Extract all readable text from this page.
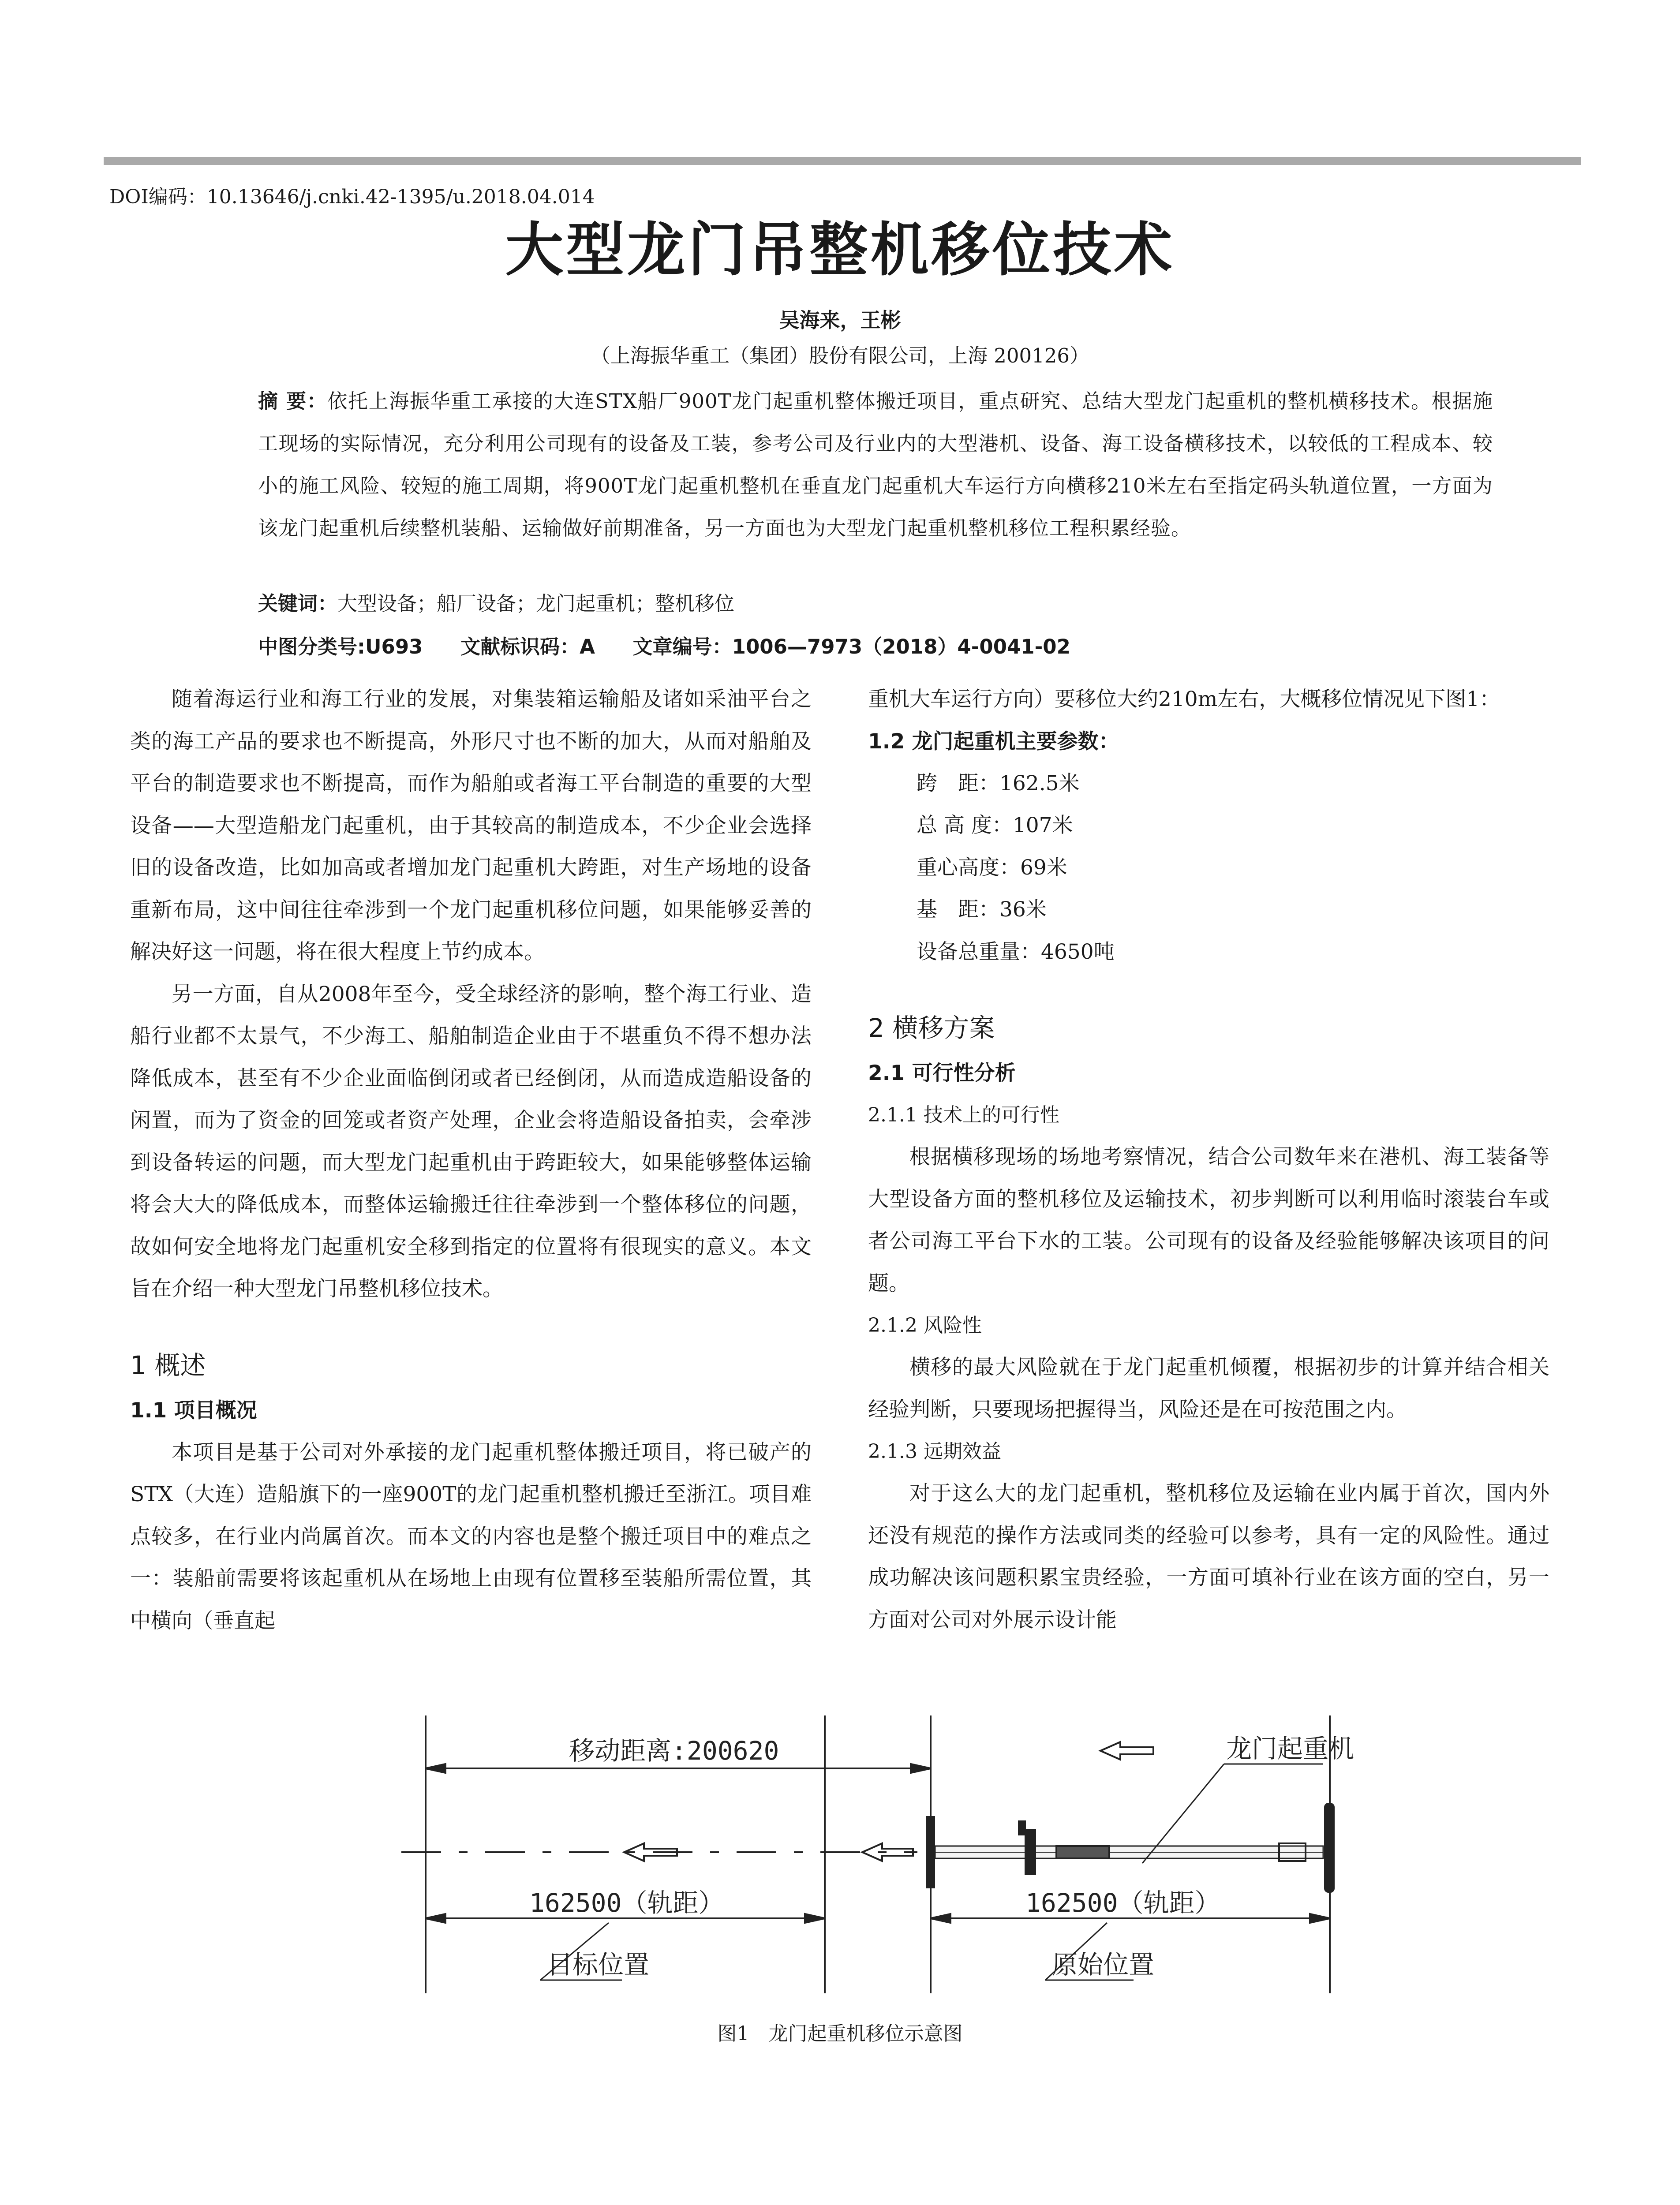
DOI编码：10.13646/j.cnki.42-1395/u.2018.04.014
大型龙门吊整机移位技术
吴海来，王彬
（上海振华重工（集团）股份有限公司，上海 200126）
摘 要：依托上海振华重工承接的大连STX船厂900T龙门起重机整体搬迁项目，重点研究、总结大型龙门起重机的整机横移技术。根据施工现场的实际情况，充分利用公司现有的设备及工装，参考公司及行业内的大型港机、设备、海工设备横移技术，以较低的工程成本、较小的施工风险、较短的施工周期，将900T龙门起重机整机在垂直龙门起重机大车运行方向横移210米左右至指定码头轨道位置，一方面为该龙门起重机后续整机装船、运输做好前期准备，另一方面也为大型龙门起重机整机移位工程积累经验。
关键词：大型设备；船厂设备；龙门起重机；整机移位
中图分类号:U693 文献标识码：A 文章编号：1006—7973（2018）4-0041-02

随着海运行业和海工行业的发展，对集装箱运输船及诸如采油平台之类的海工产品的要求也不断提高，外形尺寸也不断的加大，从而对船舶及平台的制造要求也不断提高，而作为船舶或者海工平台制造的重要的大型设备——大型造船龙门起重机，由于其较高的制造成本，不少企业会选择旧的设备改造，比如加高或者增加龙门起重机大跨距，对生产场地的设备重新布局，这中间往往牵涉到一个龙门起重机移位问题，如果能够妥善的解决好这一问题，将在很大程度上节约成本。

另一方面，自从2008年至今，受全球经济的影响，整个海工行业、造船行业都不太景气，不少海工、船舶制造企业由于不堪重负不得不想办法降低成本，甚至有不少企业面临倒闭或者已经倒闭，从而造成造船设备的闲置，而为了资金的回笼或者资产处理，企业会将造船设备拍卖，会牵涉到设备转运的问题，而大型龙门起重机由于跨距较大，如果能够整体运输将会大大的降低成本，而整体运输搬迁往往牵涉到一个整体移位的问题，故如何安全地将龙门起重机安全移到指定的位置将有很现实的意义。本文旨在介绍一种大型龙门吊整机移位技术。

1 概述
1.1 项目概况

本项目是基于公司对外承接的龙门起重机整体搬迁项目，将已破产的STX（大连）造船旗下的一座900T的龙门起重机整机搬迁至浙江。项目难点较多，在行业内尚属首次。而本文的内容也是整个搬迁项目中的难点之一：装船前需要将该起重机从在场地上由现有位置移至装船所需位置，其中横向（垂直起

重机大车运行方向）要移位大约210m左右，大概移位情况见下图1：

1.2 龙门起重机主要参数：
跨　距：162.5米
总 高 度：107米
重心高度：69米
基　距：36米
设备总重量：4650吨
2 横移方案
2.1 可行性分析
2.1.1 技术上的可行性

根据横移现场的场地考察情况，结合公司数年来在港机、海工装备等大型设备方面的整机移位及运输技术，初步判断可以利用临时滚装台车或者公司海工平台下水的工装。公司现有的设备及经验能够解决该项目的问题。

2.1.2 风险性

横移的最大风险就在于龙门起重机倾覆，根据初步的计算并结合相关经验判断，只要现场把握得当，风险还是在可按范围之内。

2.1.3 远期效益

对于这么大的龙门起重机，整机移位及运输在业内属于首次，国内外还没有规范的操作方法或同类的经验可以参考，具有一定的风险性。通过成功解决该问题积累宝贵经验，一方面可填补行业在该方面的空白，另一方面对公司对外展示设计能

移动距离:200620	龙门起重机
162500（轨距）	162500（轨距）
目标位置	原始位置
图1　龙门起重机移位示意图
